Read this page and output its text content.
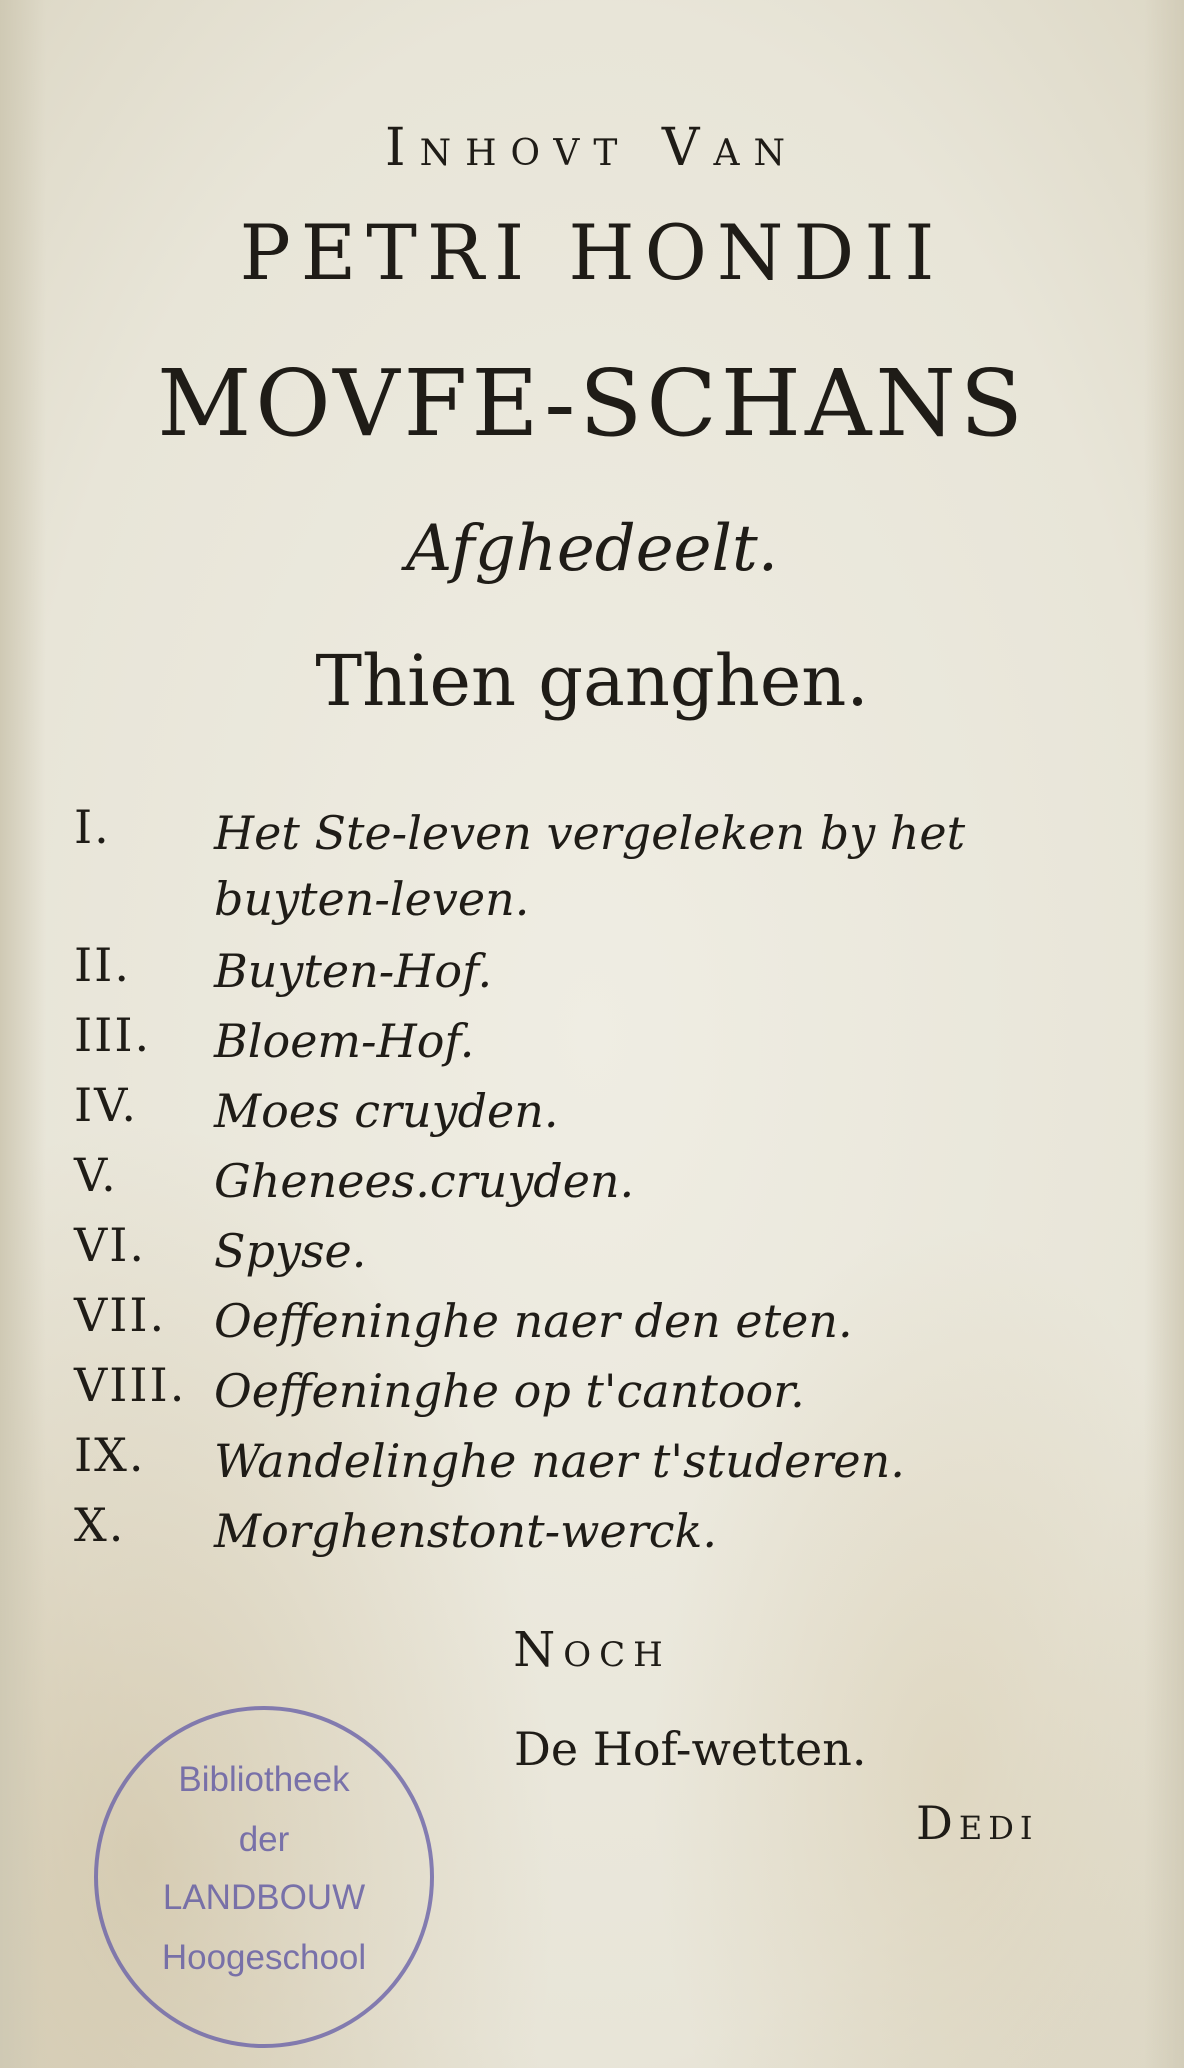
Inhovt Van
PETRI HONDII
MOVFE-SCHANS
Afghedeelt.
Thien ganghen.
I.	Het Ste-leven vergeleken by het buyten-leven.
II.	Buyten-Hof.
III.	Bloem-Hof.
IV.	Moes cruyden.
V.	Ghenees.cruyden.
VI.	Spyse.
VII.	Oeffeninghe naer den eten.
VIII. Oeffeninghe op t'cantoor.
IX.	Wandelinghe naer t'studeren.
X.	Morghenstont-werck.
Noch
De Hof-wetten.
Dedi
Bibliotheek
der
LANDBOUW
Hoogeschool
